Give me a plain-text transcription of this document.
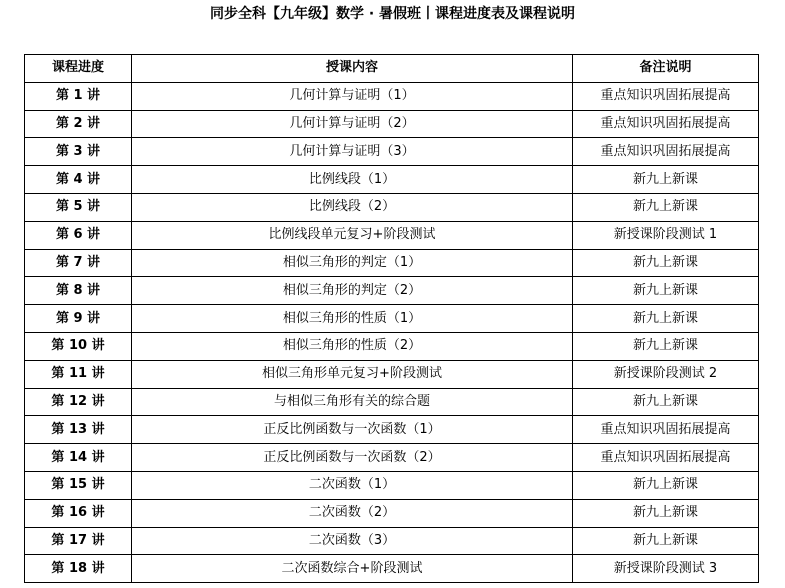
同步全科【九年级】数学 · 暑假班丨课程进度表及课程说明
课程进度	授课内容	备注说明
第 1 讲	几何计算与证明（1）	重点知识巩固拓展提高
第 2 讲	几何计算与证明（2）	重点知识巩固拓展提高
第 3 讲	几何计算与证明（3）	重点知识巩固拓展提高
第 4 讲	比例线段（1）	新九上新课
第 5 讲	比例线段（2）	新九上新课
第 6 讲	比例线段单元复习+阶段测试	新授课阶段测试 1
第 7 讲	相似三角形的判定（1）	新九上新课
第 8 讲	相似三角形的判定（2）	新九上新课
第 9 讲	相似三角形的性质（1）	新九上新课
第 10 讲	相似三角形的性质（2）	新九上新课
第 11 讲	相似三角形单元复习+阶段测试	新授课阶段测试 2
第 12 讲	与相似三角形有关的综合题	新九上新课
第 13 讲	正反比例函数与一次函数（1）	重点知识巩固拓展提高
第 14 讲	正反比例函数与一次函数（2）	重点知识巩固拓展提高
第 15 讲	二次函数（1）	新九上新课
第 16 讲	二次函数（2）	新九上新课
第 17 讲	二次函数（3）	新九上新课
第 18 讲	二次函数综合+阶段测试	新授课阶段测试 3
